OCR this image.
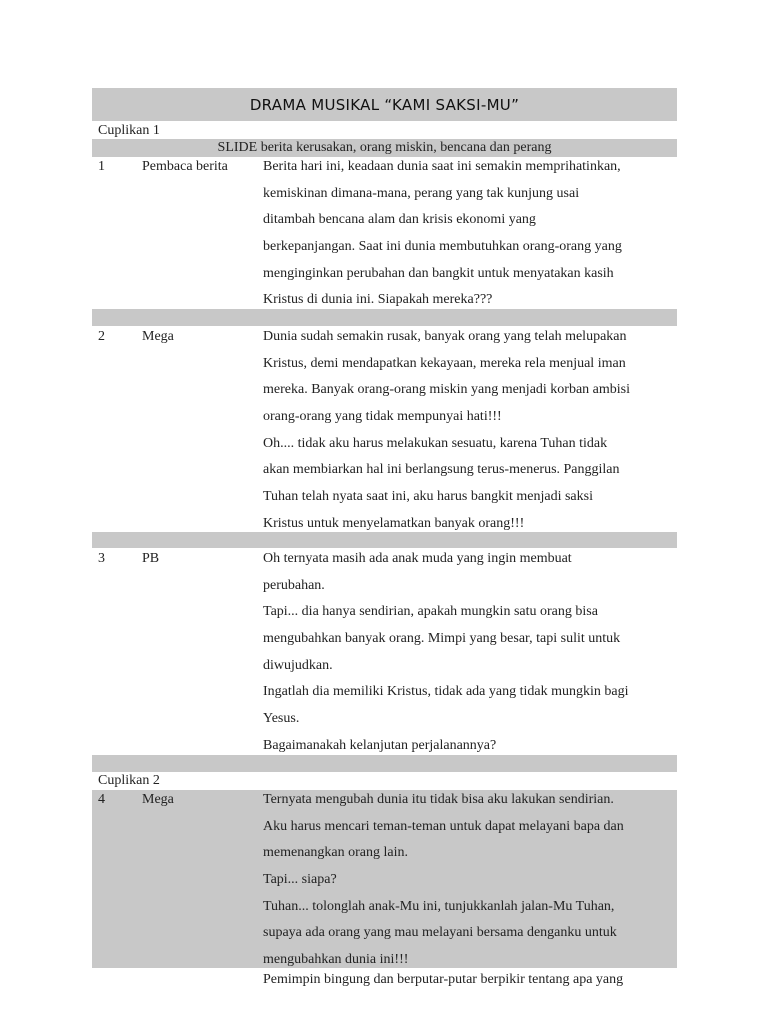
DRAMA MUSIKAL “KAMI SAKSI-MU”
Cuplikan 1
SLIDE berita kerusakan, orang miskin, bencana dan perang
1	Pembaca berita	Berita hari ini, keadaan dunia saat ini semakin memprihatinkan,
kemiskinan dimana-mana, perang yang tak kunjung usai
ditambah bencana alam dan krisis ekonomi yang
berkepanjangan. Saat ini dunia membutuhkan orang-orang yang
menginginkan perubahan dan bangkit untuk menyatakan kasih
Kristus di dunia ini. Siapakah mereka???
2	Mega	Dunia sudah semakin rusak, banyak orang yang telah melupakan
Kristus, demi mendapatkan kekayaan, mereka rela menjual iman
mereka. Banyak orang-orang miskin yang menjadi korban ambisi
orang-orang yang tidak mempunyai hati!!!
Oh.... tidak aku harus melakukan sesuatu, karena Tuhan tidak
akan membiarkan hal ini berlangsung terus-menerus. Panggilan
Tuhan telah nyata saat ini, aku harus bangkit menjadi saksi
Kristus untuk menyelamatkan banyak orang!!!
3	PB	Oh ternyata masih ada anak muda yang ingin membuat
perubahan.
Tapi... dia hanya sendirian, apakah mungkin satu orang bisa
mengubahkan banyak orang. Mimpi yang besar, tapi sulit untuk
diwujudkan.
Ingatlah dia memiliki Kristus, tidak ada yang tidak mungkin bagi
Yesus.
Bagaimanakah kelanjutan perjalanannya?
Cuplikan 2
4	Mega	Ternyata mengubah dunia itu tidak bisa aku lakukan sendirian.
Aku harus mencari teman-teman untuk dapat melayani bapa dan
memenangkan orang lain.
Tapi... siapa?
Tuhan... tolonglah anak-Mu ini, tunjukkanlah jalan-Mu Tuhan,
supaya ada orang yang mau melayani bersama denganku untuk
mengubahkan dunia ini!!!
Pemimpin bingung dan berputar-putar berpikir tentang apa yang
